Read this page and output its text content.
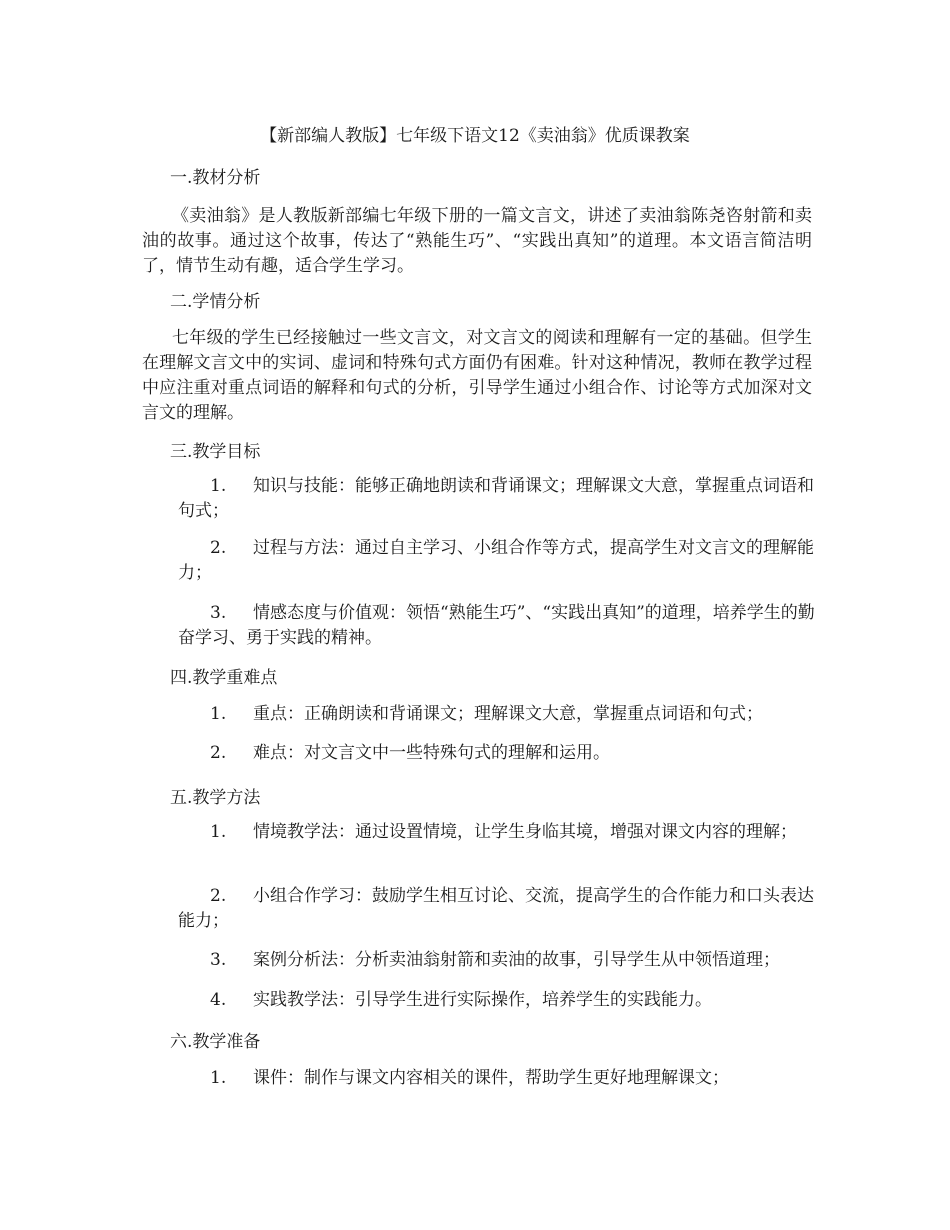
【新部编人教版】七年级下语文12《卖油翁》优质课教案
一.教材分析
《卖油翁》是人教版新部编七年级下册的一篇文言文，讲述了卖油翁陈尧咨射箭和卖油的故事。通过这个故事，传达了“熟能生巧”、“实践出真知”的道理。本文语言简洁明了，情节生动有趣，适合学生学习。
二.学情分析
七年级的学生已经接触过一些文言文，对文言文的阅读和理解有一定的基础。但学生在理解文言文中的实词、虚词和特殊句式方面仍有困难。针对这种情况，教师在教学过程中应注重对重点词语的解释和句式的分析，引导学生通过小组合作、讨论等方式加深对文言文的理解。
三.教学目标
1. 知识与技能：能够正确地朗读和背诵课文；理解课文大意，掌握重点词语和句式；
2. 过程与方法：通过自主学习、小组合作等方式，提高学生对文言文的理解能力；
3. 情感态度与价值观：领悟“熟能生巧”、“实践出真知”的道理，培养学生的勤奋学习、勇于实践的精神。
四.教学重难点
1. 重点：正确朗读和背诵课文；理解课文大意，掌握重点词语和句式；
2. 难点：对文言文中一些特殊句式的理解和运用。
五.教学方法
1. 情境教学法：通过设置情境，让学生身临其境，增强对课文内容的理解；
2. 小组合作学习：鼓励学生相互讨论、交流，提高学生的合作能力和口头表达能力；
3. 案例分析法：分析卖油翁射箭和卖油的故事，引导学生从中领悟道理；
4. 实践教学法：引导学生进行实际操作，培养学生的实践能力。
六.教学准备
1. 课件：制作与课文内容相关的课件，帮助学生更好地理解课文；
